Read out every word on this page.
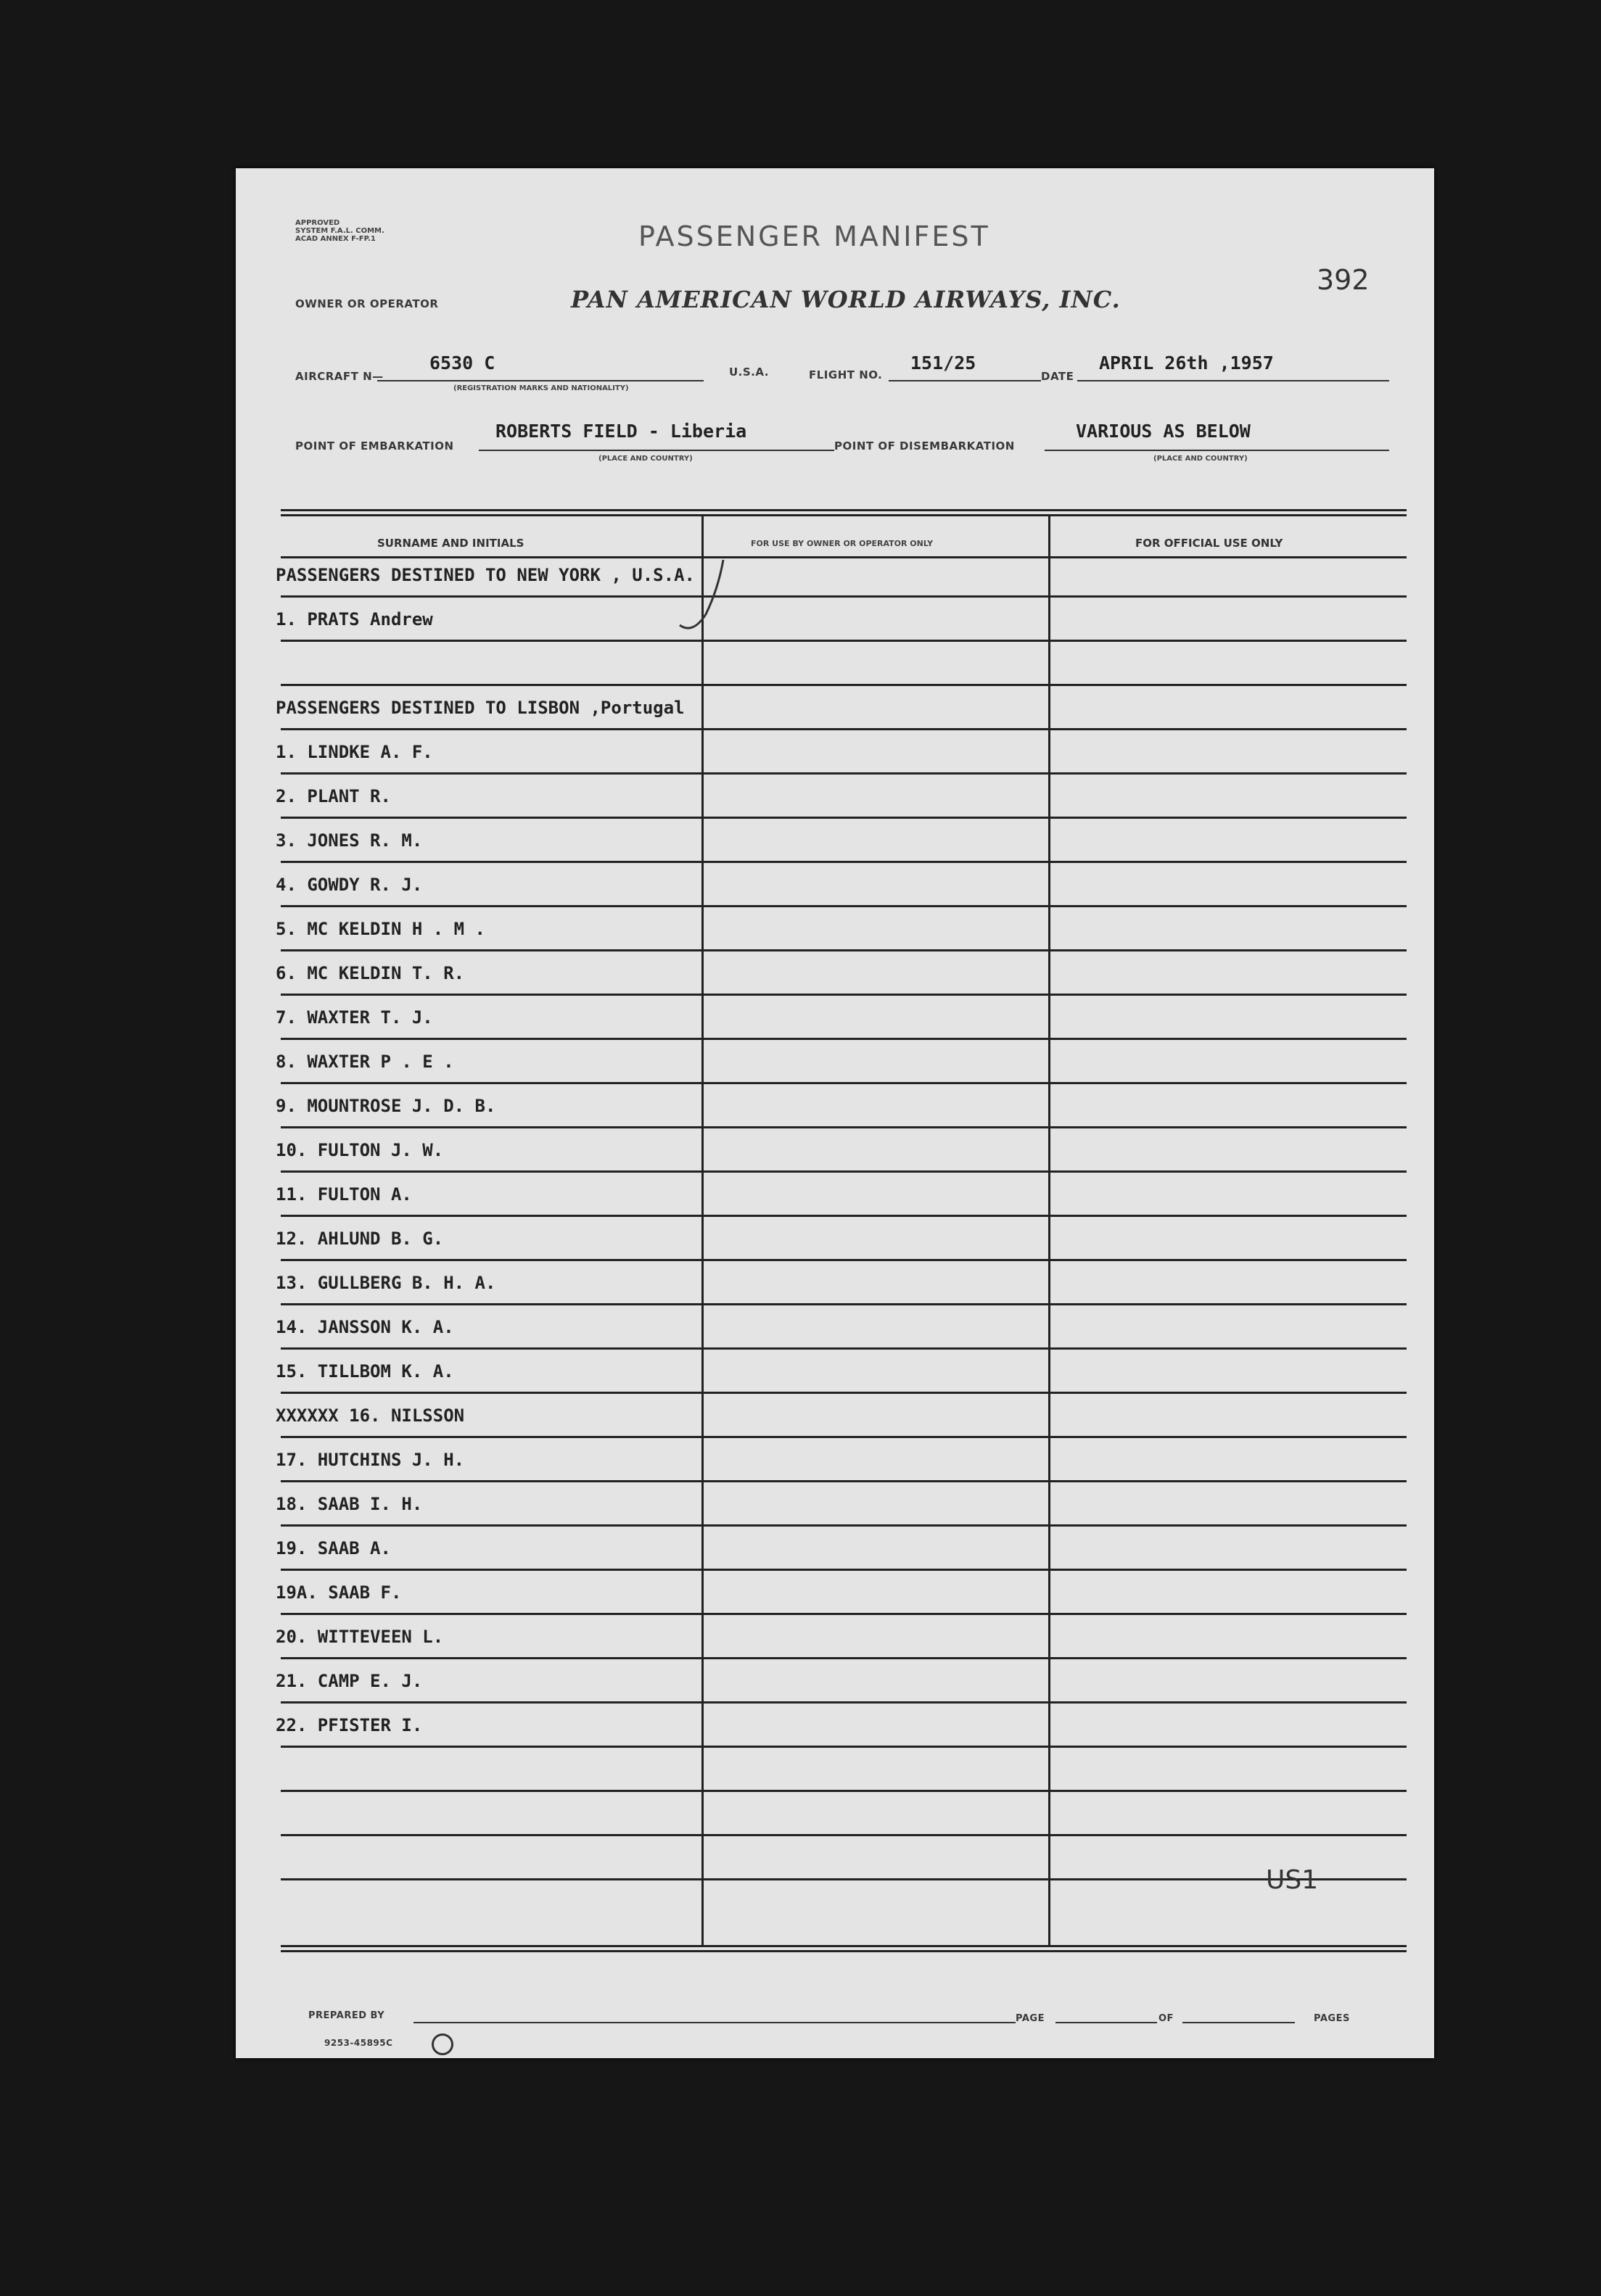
APPROVED
SYSTEM F.A.L. COMM.
ACAD ANNEX F-FP.1	PASSENGER MANIFEST
392
OWNER OR OPERATOR	PAN AMERICAN WORLD AIRWAYS, INC.
AIRCRAFT N—
6530 C
(REGISTRATION MARKS AND NATIONALITY)
U.S.A.	FLIGHT NO.
151/25
DATE
APRIL 26th ,1957
POINT OF EMBARKATION
ROBERTS FIELD - Liberia
(PLACE AND COUNTRY)
POINT OF DISEMBARKATION
VARIOUS AS BELOW
(PLACE AND COUNTRY)
SURNAME AND INITIALS	FOR USE BY OWNER OR OPERATOR ONLY	FOR OFFICIAL USE ONLY
PASSENGERS DESTINED TO NEW YORK , U.S.A.
1. PRATS Andrew
PASSENGERS DESTINED TO LISBON ,Portugal
1. LINDKE A. F.
2. PLANT R.
3. JONES R. M.
4. GOWDY R. J.
5. MC KELDIN H . M .
6. MC KELDIN T. R.
7. WAXTER T. J.
8. WAXTER P . E .
9. MOUNTROSE J. D. B.
10. FULTON J. W.
11. FULTON A.
12. AHLUND B. G.
13. GULLBERG B. H. A.
14. JANSSON K. A.
15. TILLBOM K. A.
XXXXXX 16. NILSSON
17. HUTCHINS J. H.
18. SAAB I. H.
19. SAAB A.
19A. SAAB F.
20. WITTEVEEN L.
21. CAMP E. J.
22. PFISTER I.
US1
PREPARED BY	PAGE	OF	PAGES
9253-45895C
